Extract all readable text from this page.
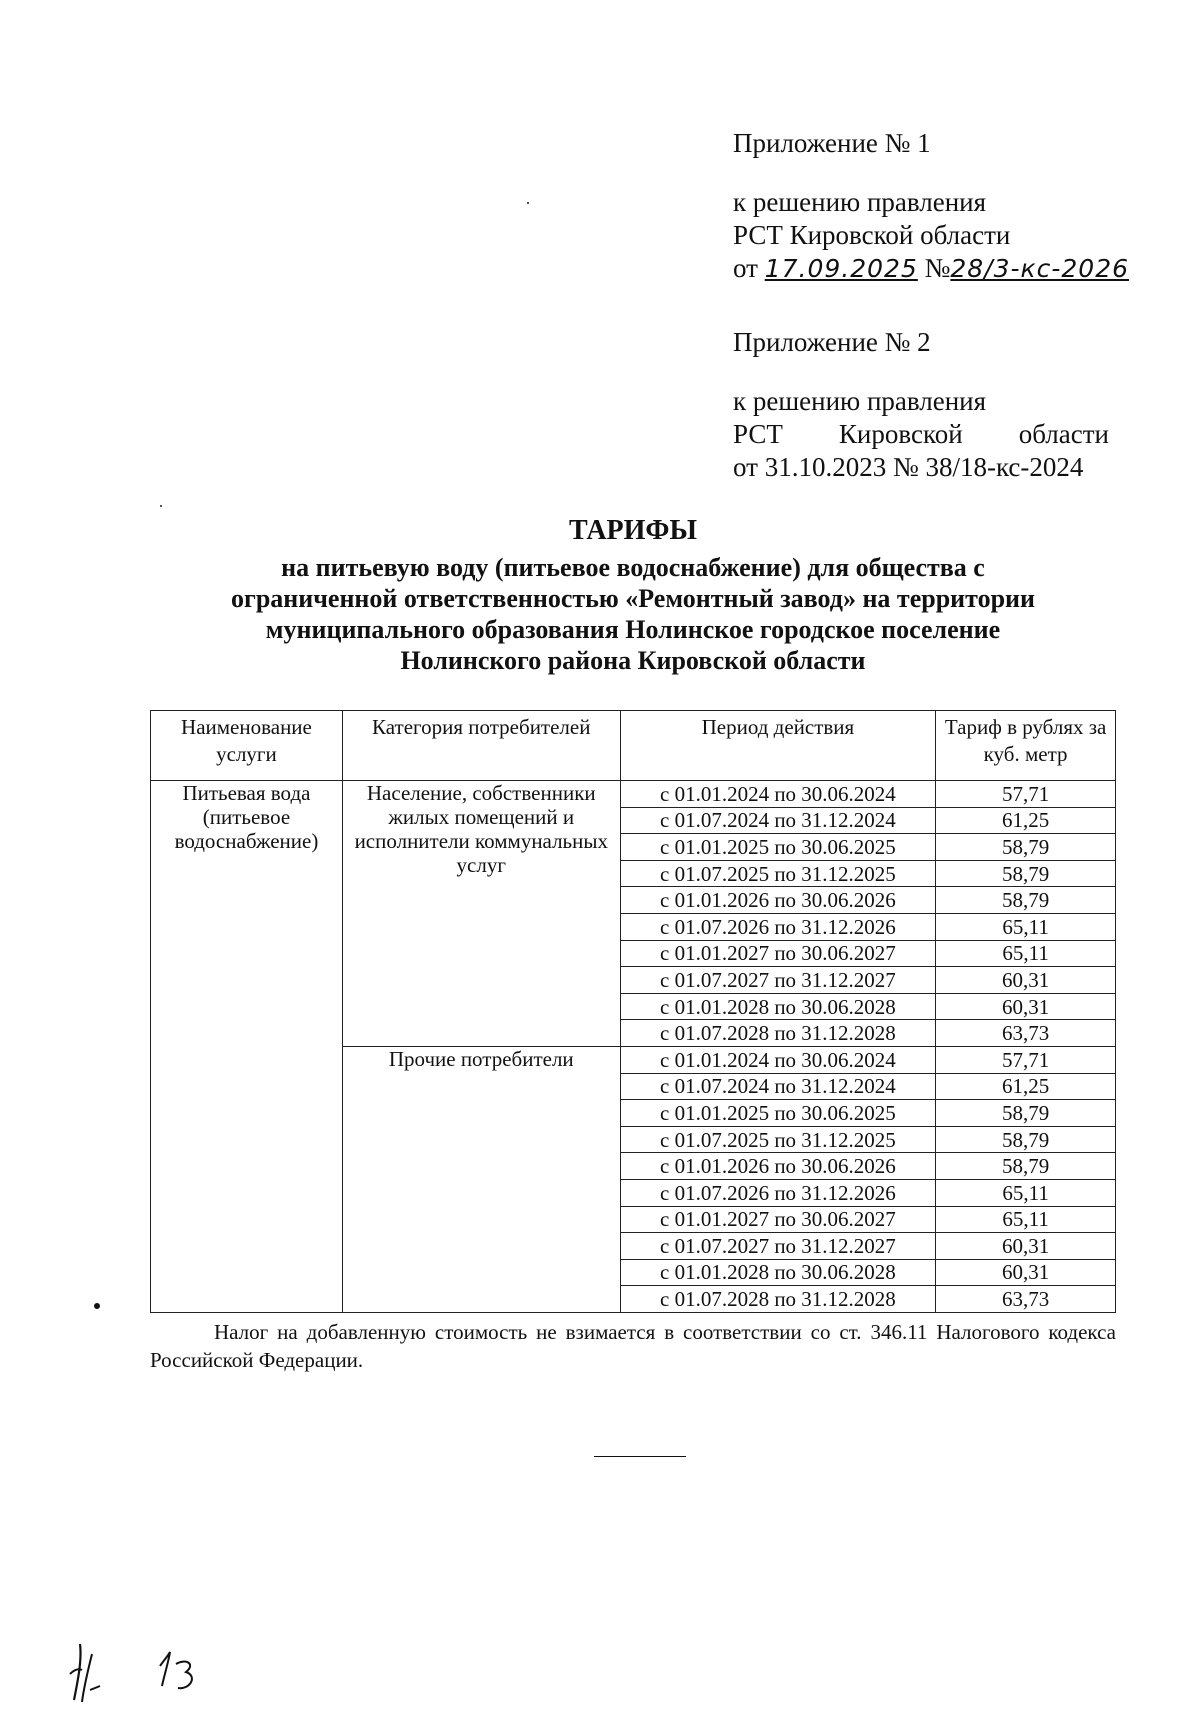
Приложение № 1
к решению правления
РСТ Кировской области
от 17.09.2025 №28/3-кс-2026
Приложение № 2
к решению правления
РСТ Кировской области
от 31.10.2023 № 38/18-кс-2024
ТАРИФЫ
на питьевую воду (питьевое водоснабжение) для общества с
ограниченной ответственностью «Ремонтный завод» на территории
муниципального образования Нолинское городское поселение
Нолинского района Кировской области
Наименование услуги	Категория потребителей	Период действия	Тариф в рублях за куб. метр
Питьевая вода (питьевое водоснабжение)	Население, собственники жилых помещений и исполнители коммунальных услуг	с 01.01.2024 по 30.06.2024	57,71
		с 01.07.2024 по 31.12.2024	61,25
		с 01.01.2025 по 30.06.2025	58,79
		с 01.07.2025 по 31.12.2025	58,79
		с 01.01.2026 по 30.06.2026	58,79
		с 01.07.2026 по 31.12.2026	65,11
		с 01.01.2027 по 30.06.2027	65,11
		с 01.07.2027 по 31.12.2027	60,31
		с 01.01.2028 по 30.06.2028	60,31
		с 01.07.2028 по 31.12.2028	63,73
	Прочие потребители	с 01.01.2024 по 30.06.2024	57,71
		с 01.07.2024 по 31.12.2024	61,25
		с 01.01.2025 по 30.06.2025	58,79
		с 01.07.2025 по 31.12.2025	58,79
		с 01.01.2026 по 30.06.2026	58,79
		с 01.07.2026 по 31.12.2026	65,11
		с 01.01.2027 по 30.06.2027	65,11
		с 01.07.2027 по 31.12.2027	60,31
		с 01.01.2028 по 30.06.2028	60,31
		с 01.07.2028 по 31.12.2028	63,73
Налог на добавленную стоимость не взимается в соответствии со ст. 346.11 Налогового кодекса Российской Федерации.
